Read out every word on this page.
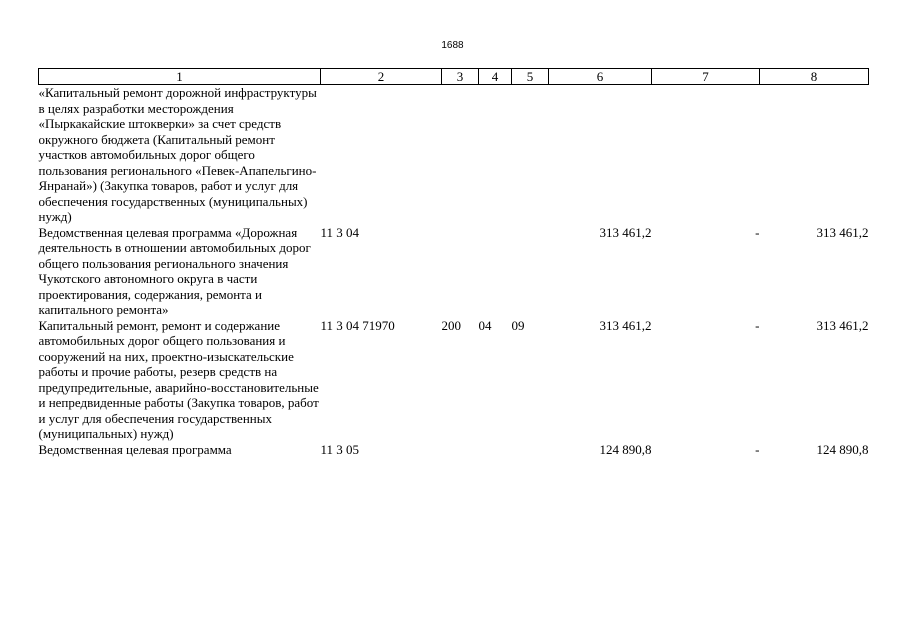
1688
1	2	3	4	5	6	7	8
«Капитальный ремонт дорожной инфраструктуры в целях разработки месторождения «Пыркакайские штокверки» за счет средств окружного бюджета (Капитальный ремонт участков автомобильных дорог общего пользования регионального «Певек-Апапельгино-Янранай») (Закупка товаров, работ и услуг для обеспечения государственных (муниципальных) нужд)							
Ведомственная целевая программа «Дорожная деятельность в отношении автомобильных дорог общего пользования регионального значения Чукотского автономного округа в части проектирования, содержания, ремонта и капитального ремонта»	11 3 04				313 461,2	-	313 461,2
Капитальный ремонт, ремонт и содержание автомобильных дорог общего пользования и сооружений на них, проектно-изыскательские работы и прочие работы, резерв средств на предупредительные, аварийно-восстановительные и непредвиденные работы (Закупка товаров, работ и услуг для обеспечения государственных (муниципальных) нужд)	11 3 04 71970	200	04	09	313 461,2	-	313 461,2
Ведомственная целевая программа	11 3 05				124 890,8	-	124 890,8
